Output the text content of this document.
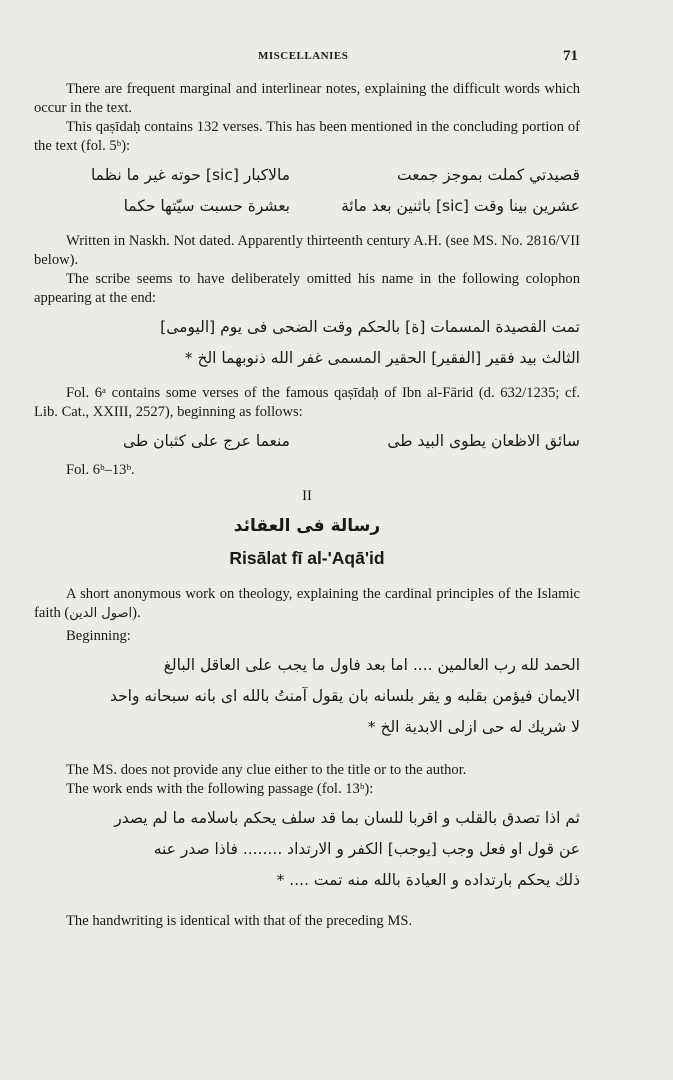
MISCELLANIES	71

There are frequent marginal and interlinear notes, explaining the difficult words which occur in the text.

This qaṣīdaḥ contains 132 verses. This has been mentioned in the concluding portion of the text (fol. 5ᵇ):

قصيدتي كملت بموجز جمعت
مالاكبار [sic] حوته غير ما نظما
عشرين بينا وقت [sic] باثنين بعد مائة
بعشرة حسبت سيّتها حكما

Written in Naskh. Not dated. Apparently thirteenth century A.H. (see MS. No. 2816/VII below).

The scribe seems to have deliberately omitted his name in the following colophon appearing at the end:

تمت القصيدة المسمات [ة] بالحكم وقت الضحى فى يوم [اليومى]
الثالث بيد فقير [الفقير] الحقير المسمى غفر الله ذنوبهما الخ *

Fol. 6ᵃ contains some verses of the famous qaṣīdaḥ of Ibn al-Fārid (d. 632/1235; cf. Lib. Cat., XXIII, 2527), beginning as follows:

سائق الاظعان يطوى البيد طى
منعما عرج على كثبان طى

Fol. 6ᵇ–13ᵇ.

II
رسالة فى العقائد
Risālat fī al-'Aqā'id

A short anonymous work on theology, explaining the cardinal principles of the Islamic faith (اصول الدين).

Beginning:

الحمد لله رب العالمين .... اما بعد فاول ما يجب على العاقل البالغ
الايمان فيؤمن بقلبه و يقر بلسانه بان يقول آمنتُ بالله اى بانه سبحانه واحد
لا شريك له حى ازلى الابدية الخ *

The MS. does not provide any clue either to the title or to the author.

The work ends with the following passage (fol. 13ᵇ):

ثم اذا تصدق بالقلب و اقربا للسان بما قد سلف يحكم باسلامه ما لم يصدر
عن قول او فعل وجب [يوجب] الكفر و الارتداد ........ فاذا صدر عنه
ذلك يحكم بارتداده و العيادة بالله منه تمت .... *

The handwriting is identical with that of the preceding MS.
